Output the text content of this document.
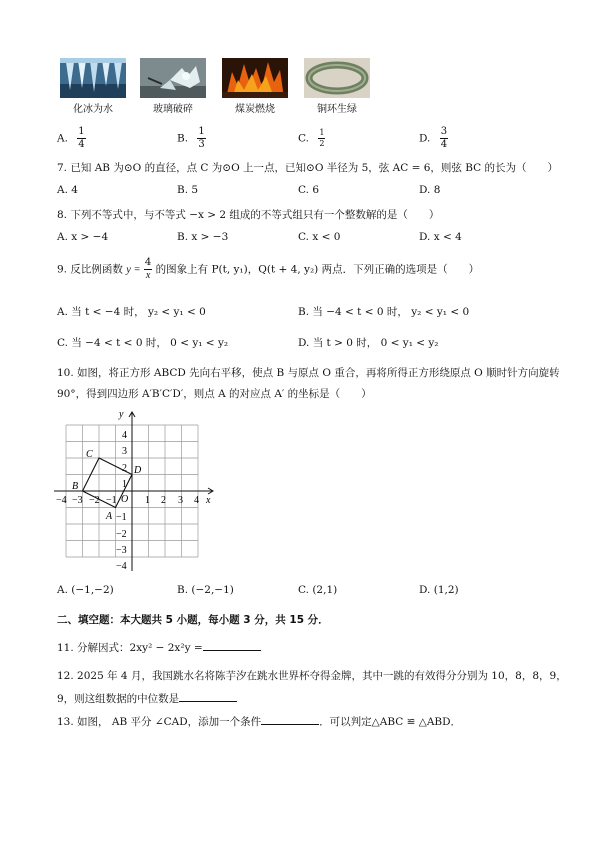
化冰为水	玻璃破碎	煤炭燃烧	铜环生绿
A. $\frac{1}{4}$	B. $\frac{1}{3}$	C. $\frac{1}{2}$	D. $\frac{3}{4}$
7. 已知 AB 为⊙O 的直径，点 C 为⊙O 上一点，已知⊙O 半径为 5，弦 AC = 6，则弦 BC 的长为（　　）
A. 4	B. 5	C. 6	D. 8
8. 下列不等式中，与不等式 −x > 2 组成的不等式组只有一个整数解的是（　　）
A. x > −4	B. x > −3	C. x < 0	D. x < 4
9. 反比例函数 $y = \frac{4}{x}$ 的图象上有 P(t, y₁)，Q(t + 4, y₂) 两点．下列正确的选项是（　　）
A. 当 t < −4 时， y₂ < y₁ < 0	B. 当 −4 < t < 0 时， y₂ < y₁ < 0
C. 当 −4 < t < 0 时， 0 < y₁ < y₂	D. 当 t > 0 时， 0 < y₁ < y₂
10. 如图，将正方形 ABCD 先向右平移，使点 B 与原点 O 重合，再将所得正方形绕原点 O 顺时针方向旋转
90°，得到四边形 A′B′C′D′，则点 A 的对应点 A′ 的坐标是（　　）
x
y
O
−4 −3 −2 −1	1 2 3 4
4
3
2
1
−1
−2
−3
−4
A
B
C
D
A. (−1,−2)	B. (−2,−1)	C. (2,1)	D. (1,2)
二、填空题：本大题共 5 小题，每小题 3 分，共 15 分．
11. 分解因式：2xy² − 2x²y =
12. 2025 年 4 月，我国跳水名将陈芋汐在跳水世界杯夺得金牌，其中一跳的有效得分分别为 10，8，8，9，
9，则这组数据的中位数是
13. 如图， AB 平分 ∠CAD，添加一个条件	．可以判定△ABC ≌ △ABD．
